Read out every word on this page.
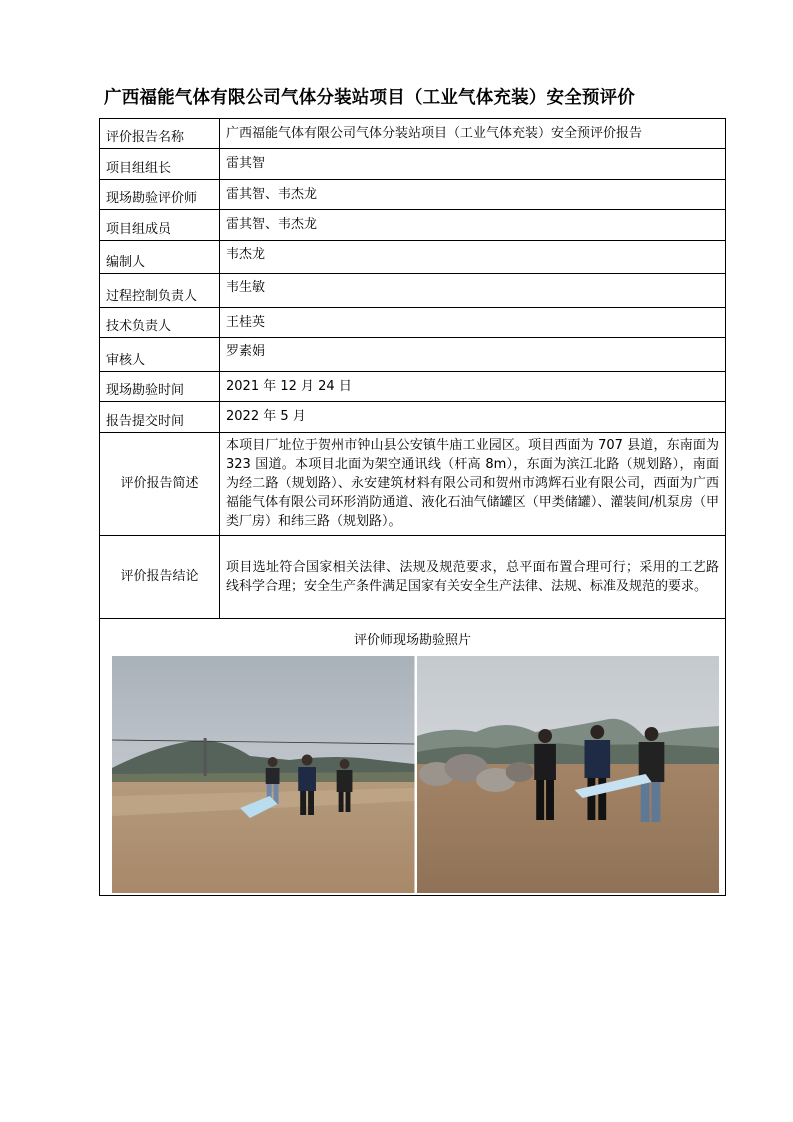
广西福能气体有限公司气体分装站项目（工业气体充装）安全预评价
评价报告名称	广西福能气体有限公司气体分装站项目（工业气体充装）安全预评价报告
项目组组长	雷其智
现场勘验评价师	雷其智、韦杰龙
项目组成员	雷其智、韦杰龙
编制人	韦杰龙
过程控制负责人	韦生敏
技术负责人	王桂英
审核人	罗素娟
现场勘验时间	2021 年 12 月 24 日
报告提交时间	2022 年 5 月
评价报告简述	本项目厂址位于贺州市钟山县公安镇牛庙工业园区。项目西面为 707 县道，东南面为 323 国道。本项目北面为架空通讯线（杆高 8m），东面为滨江北路（规划路），南面为经二路（规划路）、永安建筑材料有限公司和贺州市鸿辉石业有限公司，西面为广西福能气体有限公司环形消防通道、液化石油气储罐区（甲类储罐）、灌装间/机泵房（甲类厂房）和纬三路（规划路）。
评价报告结论	项目选址符合国家相关法律、法规及规范要求，总平面布置合理可行；采用的工艺路线科学合理；安全生产条件满足国家有关安全生产法律、法规、标准及规范的要求。

评价师现场勘验照片	
